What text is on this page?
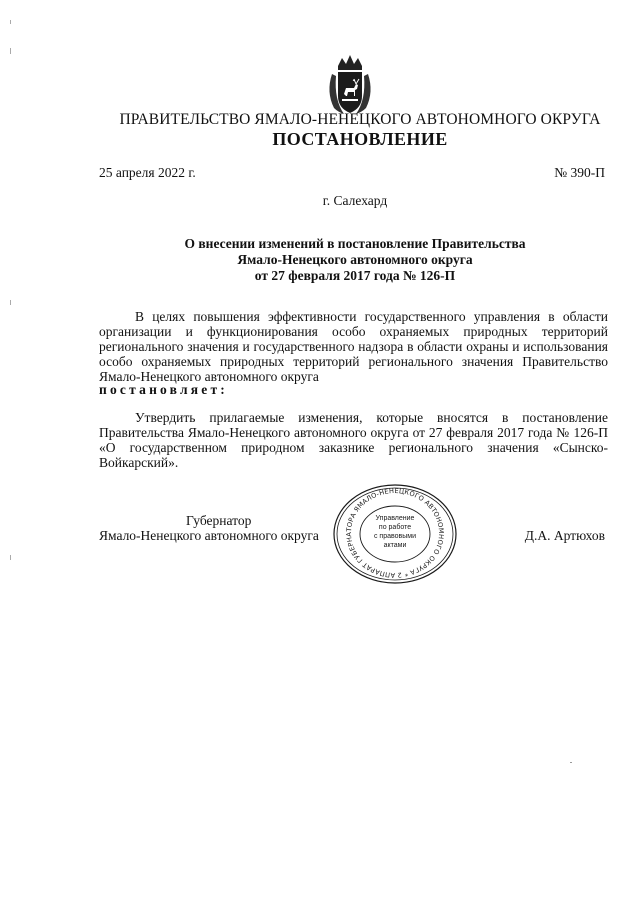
ПРАВИТЕЛЬСТВО ЯМАЛО-НЕНЕЦКОГО АВТОНОМНОГО ОКРУГА
ПОСТАНОВЛЕНИЕ
25 апреля 2022 г.	№ 390-П
г. Салехард
О внесении изменений в постановление Правительства
Ямало-Ненецкого автономного округа
от 27 февраля 2017 года № 126-П
В целях повышения эффективности государственного управления в области организации и функционирования особо охраняемых природных территорий регионального значения и государственного надзора в области охраны и использования особо охраняемых природных территорий регионального значения Правительство Ямало-Ненецкого автономного округа
постановляет:
Утвердить прилагаемые изменения, которые вносятся в постановление Правительства Ямало-Ненецкого автономного округа от 27 февраля 2017 года № 126-П «О государственном природном заказнике регионального значения «Сынско-Войкарский».
Губернатор
Ямало-Ненецкого автономного округа	Д.А. Артюхов
АППАРАТ ГУБЕРНАТОРА ЯМАЛО-НЕНЕЦКОГО АВТОНОМНОГО ОКРУГА * 2
Управление
по работе
с правовыми
актами
